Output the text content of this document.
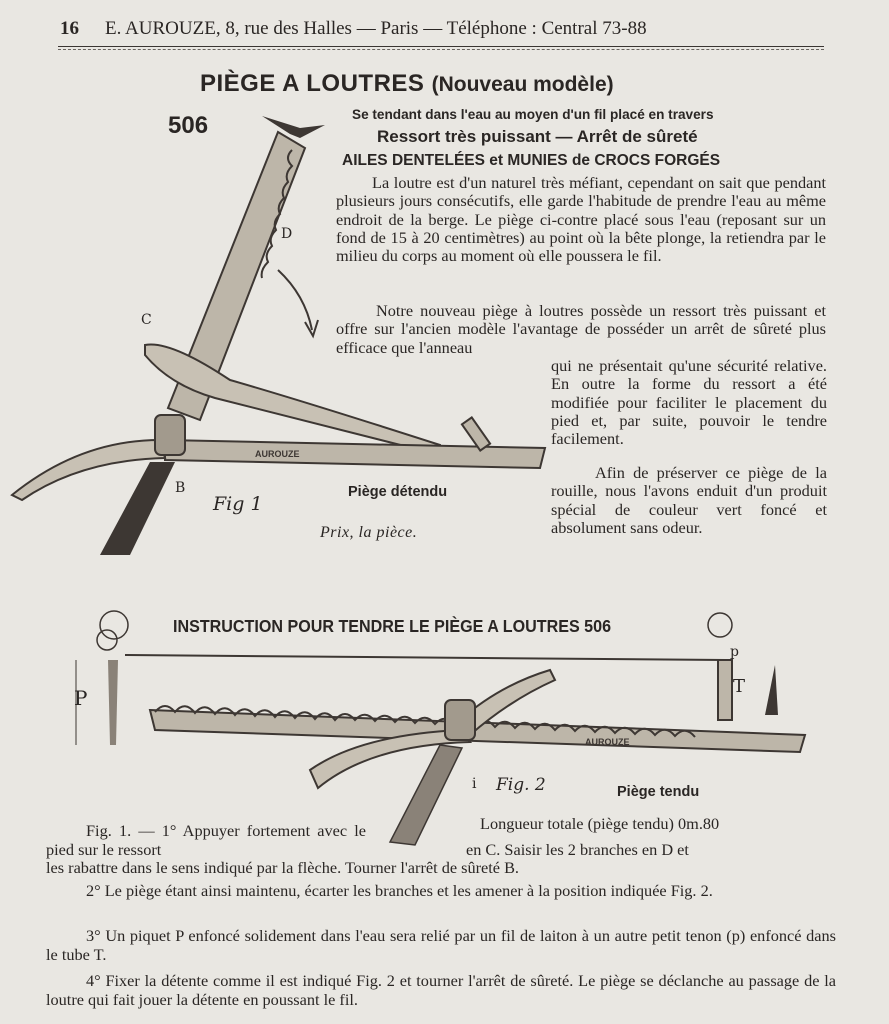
16 E. AUROUZE, 8, rue des Halles — Paris — Téléphone : Central 73-88
PIÈGE A LOUTRES (Nouveau modèle)
506	Se tendant dans l'eau au moyen d'un fil placé en travers
Ressort très puissant — Arrêt de sûreté
AILES DENTELÉES et MUNIES de CROCS FORGÉS

La loutre est d'un naturel très méfiant, cependant on sait que pendant plusieurs jours consécutifs, elle garde l'habitude de prendre l'eau au même endroit de la berge. Le piège ci-contre placé sous l'eau (reposant sur un fond de 15 à 20 centimètres) au point où la bête plonge, la retiendra par le milieu du corps au moment où elle poussera le fil.

Notre nouveau piège à loutres possède un ressort très puissant et offre sur l'ancien modèle l'avantage de posséder un arrêt de sûreté plus efficace que l'anneau

qui ne présentait qu'une sécurité relative. En outre la forme du ressort a été modifiée pour faciliter le placement du pied et, par suite, pouvoir le tendre facilement.

Afin de préserver ce piège de la rouille, nous l'avons enduit d'un produit spécial de couleur vert foncé et absolument sans odeur.

AUROUZE
AUROUZE
C
D
B
Fig 1
Piège détendu
Prix, la pièce.
INSTRUCTION POUR TENDRE LE PIÈGE A LOUTRES 506
P
p
T
i Fig. 2	Piège tendu
Longueur totale (piège tendu) 0m.80

Fig. 1. — 1° Appuyer fortement avec le pied sur le ressort	en C. Saisir les 2 branches en D et

les rabattre dans le sens indiqué par la flèche. Tourner l'arrêt de sûreté B.

2° Le piège étant ainsi maintenu, écarter les branches et les amener à la position indiquée Fig. 2.

3° Un piquet P enfoncé solidement dans l'eau sera relié par un fil de laiton à un autre petit tenon (p) enfoncé dans le tube T.

4° Fixer la détente comme il est indiqué Fig. 2 et tourner l'arrêt de sûreté. Le piège se déclanche au passage de la loutre qui fait jouer la détente en poussant le fil.
